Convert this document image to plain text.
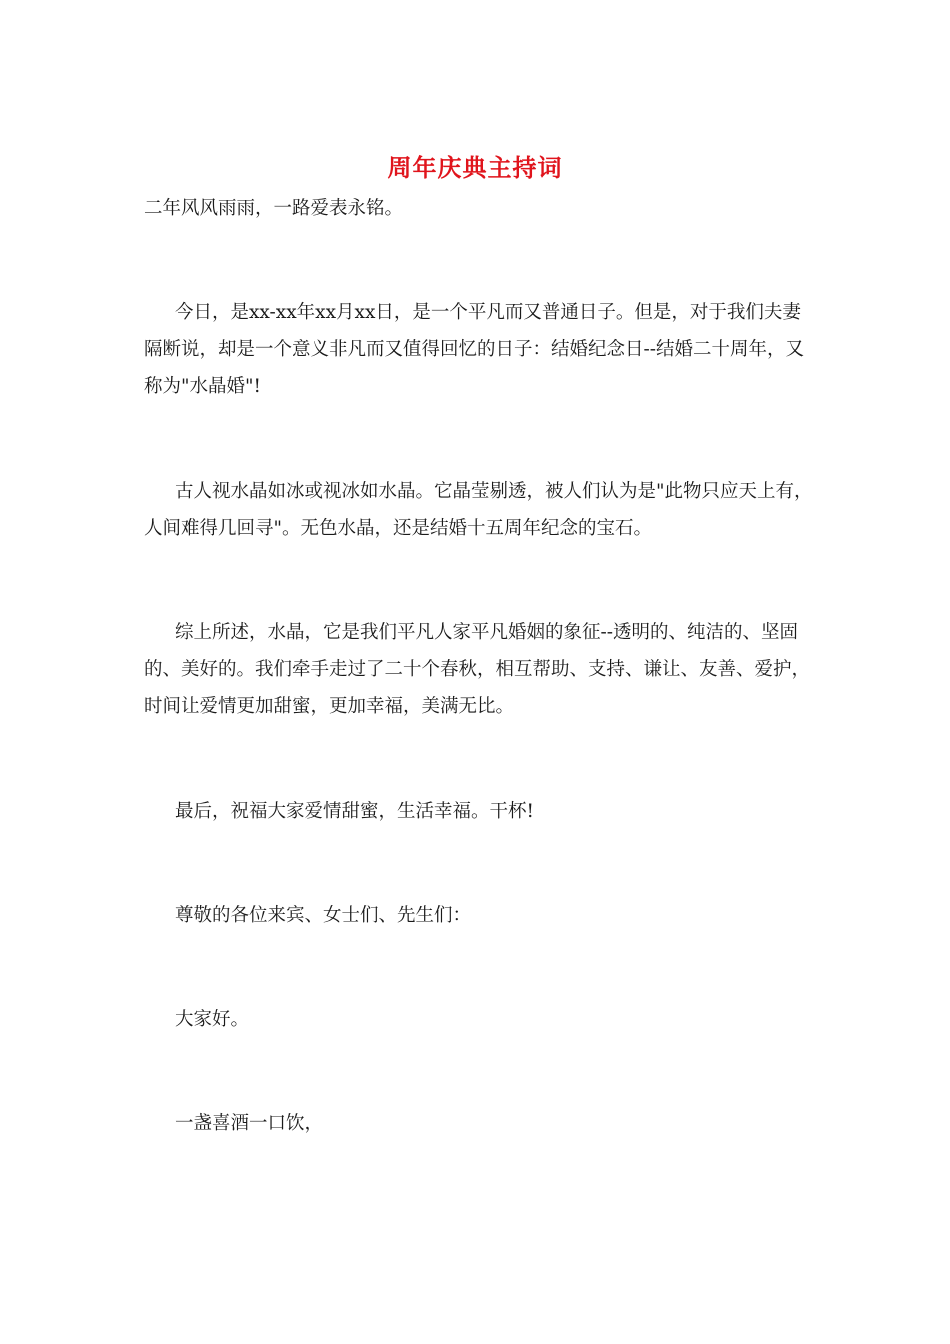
周年庆典主持词

二年风风雨雨，一路爱表永铭。

今日，是xx-xx年xx月xx日，是一个平凡而又普通日子。但是，对于我们夫妻隔断说，却是一个意义非凡而又值得回忆的日子：结婚纪念日--结婚二十周年，又称为"水晶婚"!

古人视水晶如冰或视冰如水晶。它晶莹剔透，被人们认为是"此物只应天上有，人间难得几回寻"。无色水晶，还是结婚十五周年纪念的宝石。

综上所述，水晶，它是我们平凡人家平凡婚姻的象征--透明的、纯洁的、坚固的、美好的。我们牵手走过了二十个春秋，相互帮助、支持、谦让、友善、爱护，时间让爱情更加甜蜜，更加幸福，美满无比。

最后，祝福大家爱情甜蜜，生活幸福。干杯!

尊敬的各位来宾、女士们、先生们：

大家好。

一盏喜酒一口饮，
